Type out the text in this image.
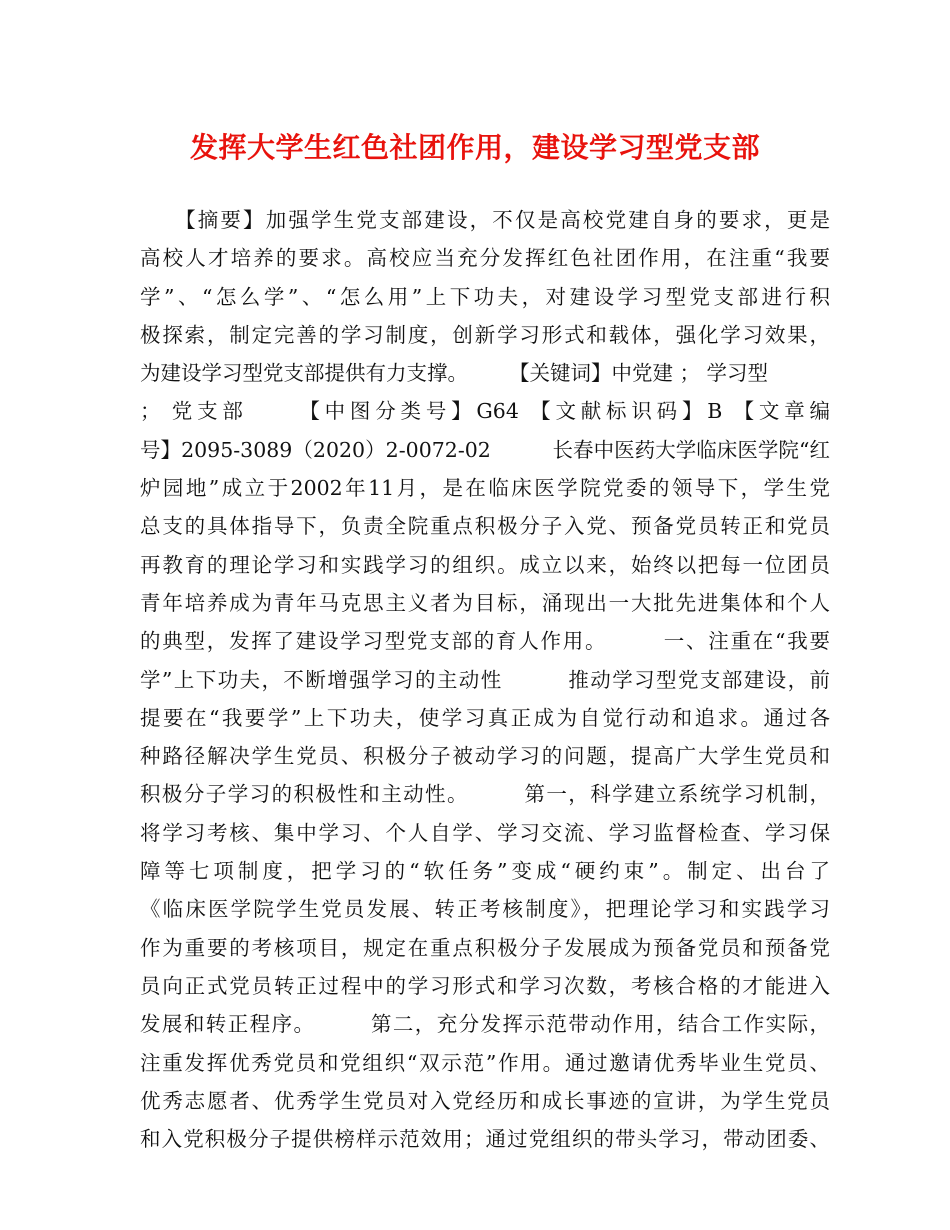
发挥大学生红色社团作用，建设学习型党支部
　　【摘要】加强学生党支部建设，不仅是高校党建自身的要求，更是
高校人才培养的要求。高校应当充分发挥红色社团作用，在注重“我要
学”、“怎么学”、“怎么用”上下功夫，对建设学习型党支部进行积
极探索，制定完善的学习制度，创新学习形式和载体，强化学习效果，
为建设学习型党支部提供有力支撑。　　　【关键词】中党建 ； 学习型
； 党支部 　　【中图分类号】G64 【文献标识码】B 【文章编
号】2095-3089（2020）2-0072-02　　　长春中医药大学临床医学院“红
炉园地”成立于2002年11月，是在临床医学院党委的领导下，学生党
总支的具体指导下，负责全院重点积极分子入党、预备党员转正和党员
再教育的理论学习和实践学习的组织。成立以来，始终以把每一位团员
青年培养成为青年马克思主义者为目标，涌现出一大批先进集体和个人
的典型，发挥了建设学习型党支部的育人作用。　　　一、注重在“我要
学”上下功夫，不断增强学习的主动性　　　推动学习型党支部建设，前
提要在“我要学”上下功夫，使学习真正成为自觉行动和追求。通过各
种路径解决学生党员、积极分子被动学习的问题，提高广大学生党员和
积极分子学习的积极性和主动性。　　　第一，科学建立系统学习机制，
将学习考核、集中学习、个人自学、学习交流、学习监督检查、学习保
障等七项制度，把学习的“软任务”变成“硬约束”。制定、出台了
《临床医学院学生党员发展、转正考核制度》，把理论学习和实践学习
作为重要的考核项目，规定在重点积极分子发展成为预备党员和预备党
员向正式党员转正过程中的学习形式和学习次数，考核合格的才能进入
发展和转正程序。　　　第二，充分发挥示范带动作用，结合工作实际，
注重发挥优秀党员和党组织“双示范”作用。通过邀请优秀毕业生党员、
优秀志愿者、优秀学生党员对入党经历和成长事迹的宣讲，为学生党员
和入党积极分子提供榜样示范效用；通过党组织的带头学习，带动团委、
